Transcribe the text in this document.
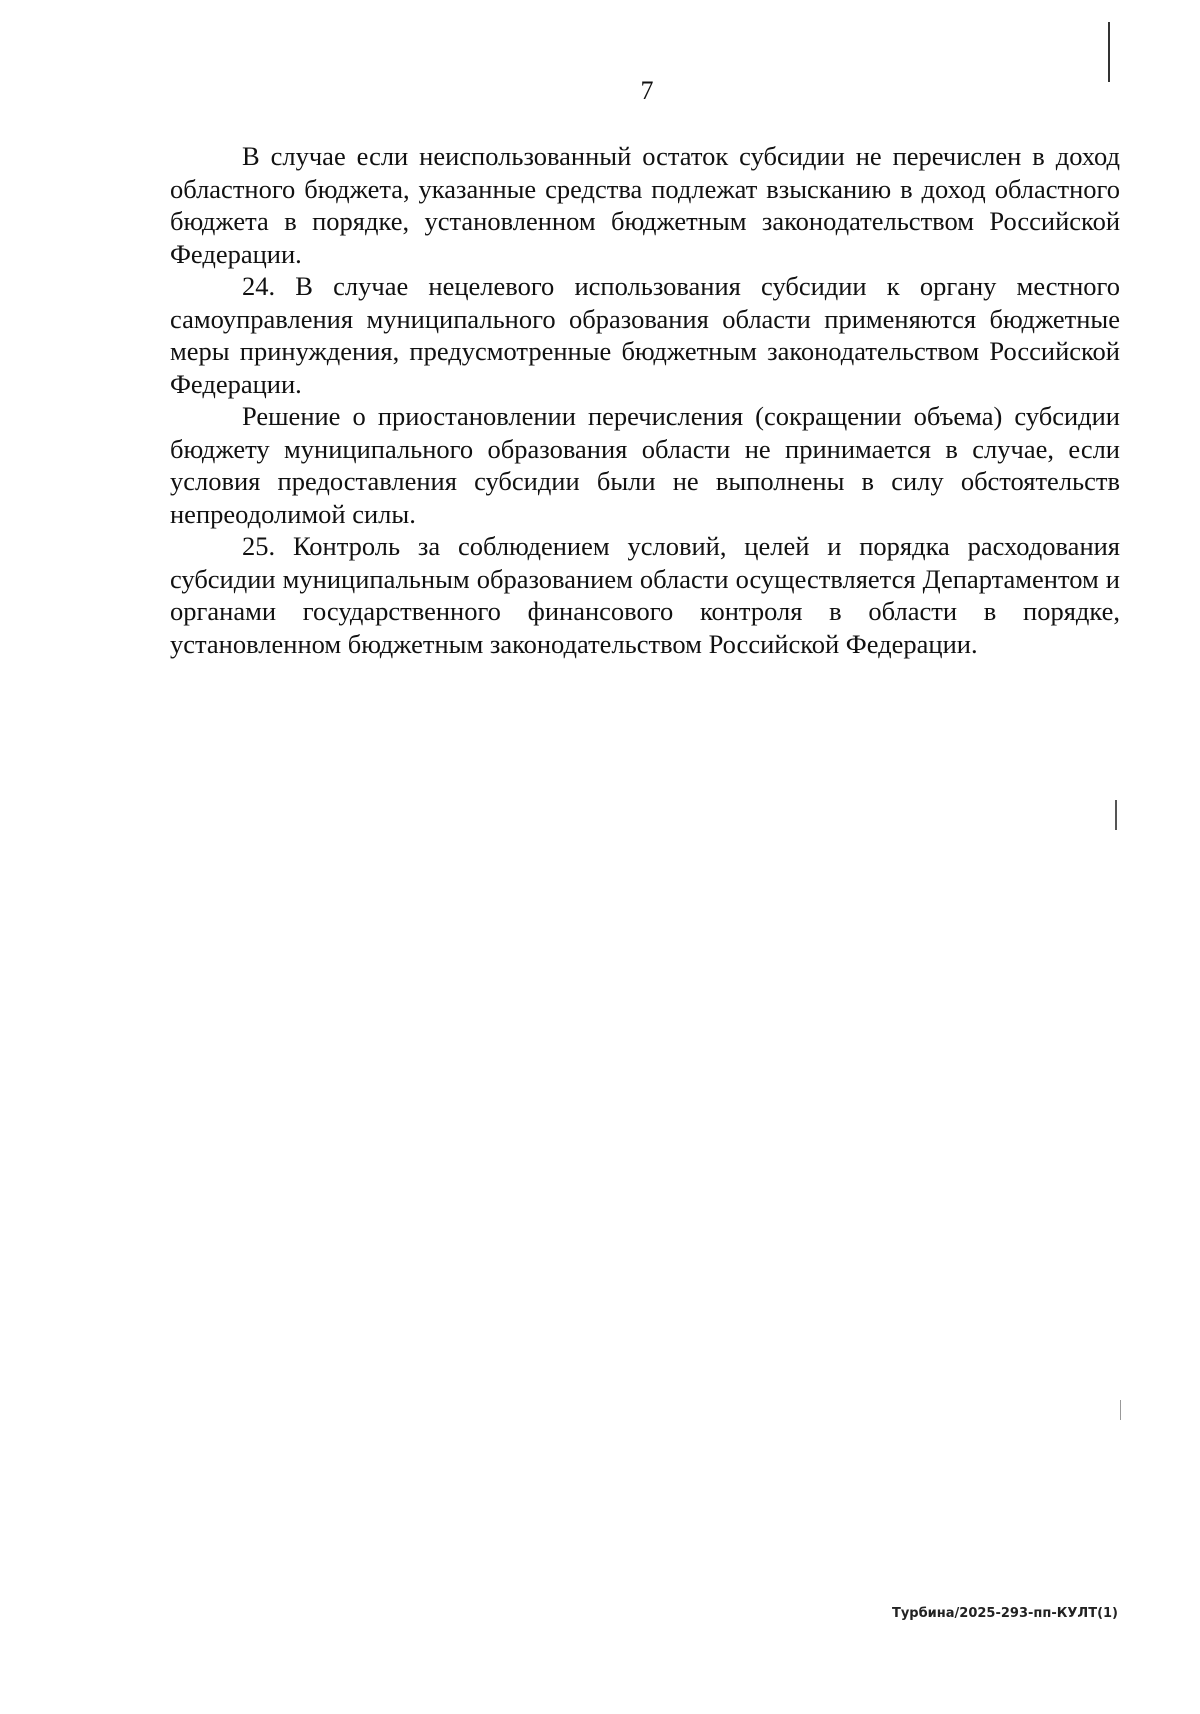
7

В случае если неиспользованный остаток субсидии не перечислен в доход областного бюджета, указанные средства подлежат взысканию в доход областного бюджета в порядке, установленном бюджетным законодательством Российской Федерации.

24. В случае нецелевого использования субсидии к органу местного самоуправления муниципального образования области применяются бюджетные меры принуждения, предусмотренные бюджетным законодательством Российской Федерации.

Решение о приостановлении перечисления (сокращении объема) субсидии бюджету муниципального образования области не принимается в случае, если условия предоставления субсидии были не выполнены в силу обстоятельств непреодолимой силы.

25. Контроль за соблюдением условий, целей и порядка расходования субсидии муниципальным образованием области осуществляется Департаментом и органами государственного финансового контроля в области в порядке, установленном бюджетным законодательством Российской Федерации.

Турбина/2025-293-пп-КУЛТ(1)
